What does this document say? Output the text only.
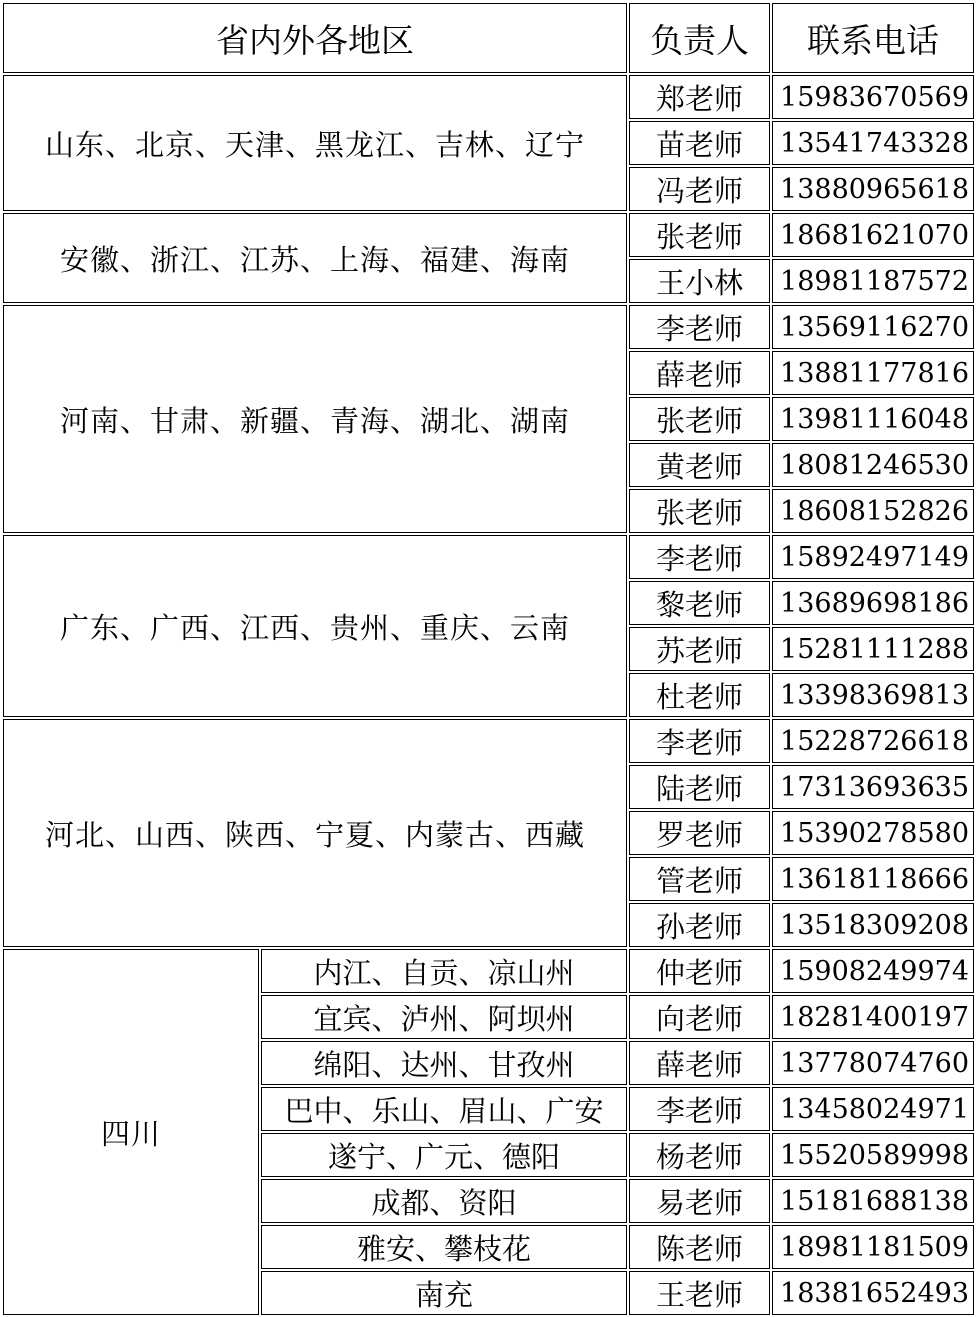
省内外各地区		负责人	联系电话
山东、北京、天津、黑龙江、吉林、辽宁		郑老师	15983670569
		苗老师	13541743328
		冯老师	13880965618
安徽、浙江、江苏、上海、福建、海南		张老师	18681621070
		王小林	18981187572
河南、甘肃、新疆、青海、湖北、湖南		李老师	13569116270
		薛老师	13881177816
		张老师	13981116048
		黄老师	18081246530
		张老师	18608152826
广东、广西、江西、贵州、重庆、云南		李老师	15892497149
		黎老师	13689698186
		苏老师	15281111288
		杜老师	13398369813
河北、山西、陕西、宁夏、内蒙古、西藏		李老师	15228726618
		陆老师	17313693635
		罗老师	15390278580
		管老师	13618118666
		孙老师	13518309208
四川	内江、自贡、凉山州	仲老师	15908249974
	宜宾、泸州、阿坝州	向老师	18281400197
	绵阳、达州、甘孜州	薛老师	13778074760
	巴中、乐山、眉山、广安	李老师	13458024971
	遂宁、广元、德阳	杨老师	15520589998
	成都、资阳	易老师	15181688138
	雅安、攀枝花	陈老师	18981181509
	南充	王老师	18381652493
